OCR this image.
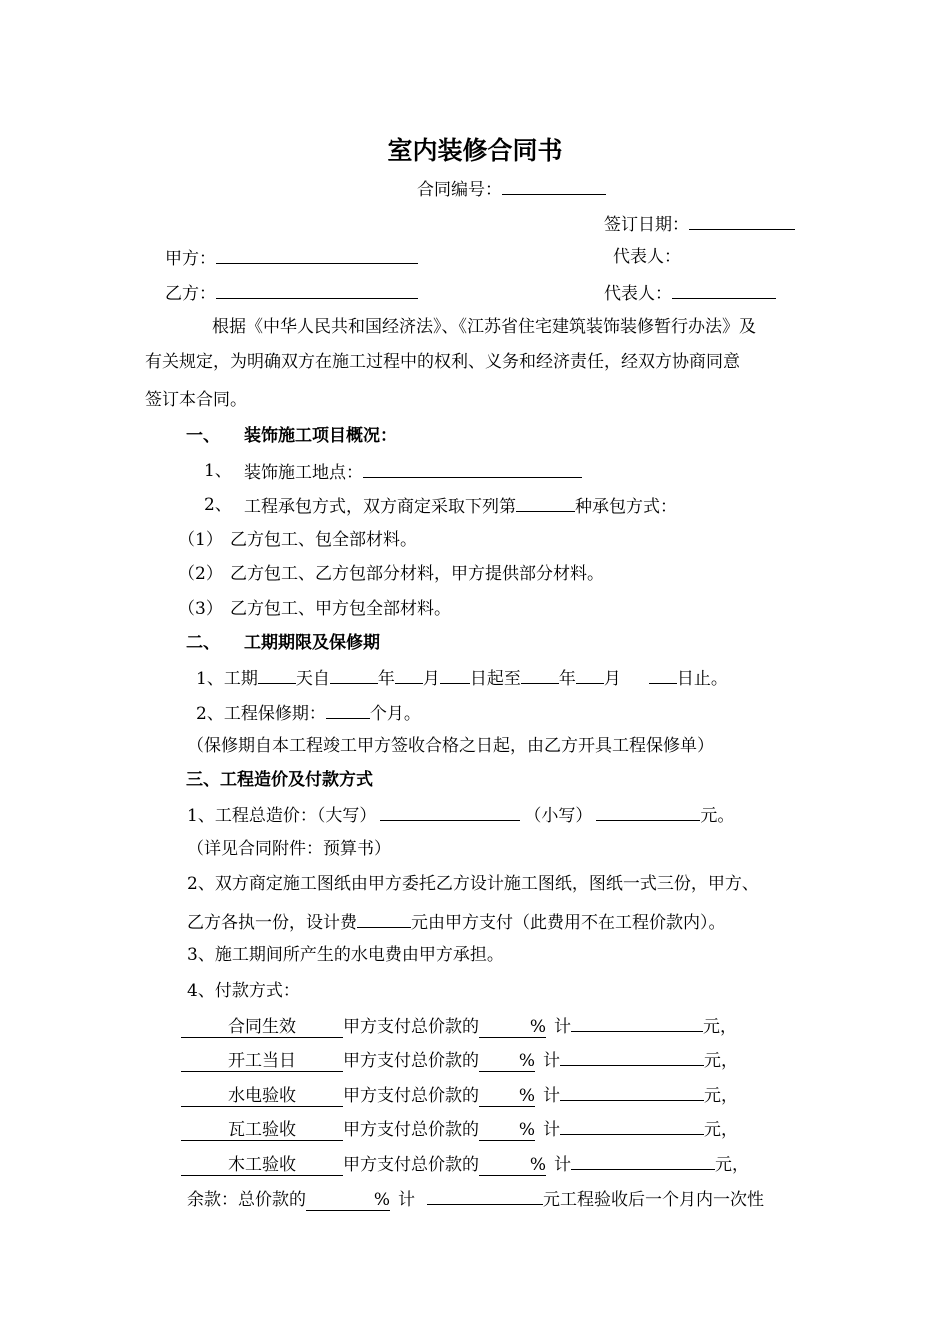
室内装修合同书
合同编号：
签订日期：
甲方：	代表人：
乙方：	代表人：
根据《中华人民共和国经济法》、《江苏省住宅建筑装饰装修暂行办法》及
有关规定，为明确双方在施工过程中的权利、义务和经济责任，经双方协商同意
签订本合同。
一、 装饰施工项目概况：
1、 装饰施工地点：
2、 工程承包方式，双方商定采取下列第	种承包方式：
（1） 乙方包工、包全部材料。
（2） 乙方包工、乙方包部分材料，甲方提供部分材料。
（3） 乙方包工、甲方包全部材料。
二、 工期期限及保修期
1、工期 天自	年 月 日起至 年 月	日止。
2、工程保修期：	个月。
（保修期自本工程竣工甲方签收合格之日起，由乙方开具工程保修单）
三、工程造价及付款方式
1、工程总造价：（大写）	（小写）	元。
（详见合同附件：预算书）
2、双方商定施工图纸由甲方委托乙方设计施工图纸，图纸一式三份，甲方、
乙方各执一份，设计费	元由甲方支付（此费用不在工程价款内）。
3、施工期间所产生的水电费由甲方承担。
4、付款方式：
合同生效	甲方支付总价款的	% 计	元，
开工当日	甲方支付总价款的 % 计	元，
水电验收	甲方支付总价款的 % 计	元，
瓦工验收	甲方支付总价款的 % 计	元，
木工验收	甲方支付总价款的	% 计	元，
余款：总价款的	% 计	元工程验收后一个月内一次性
